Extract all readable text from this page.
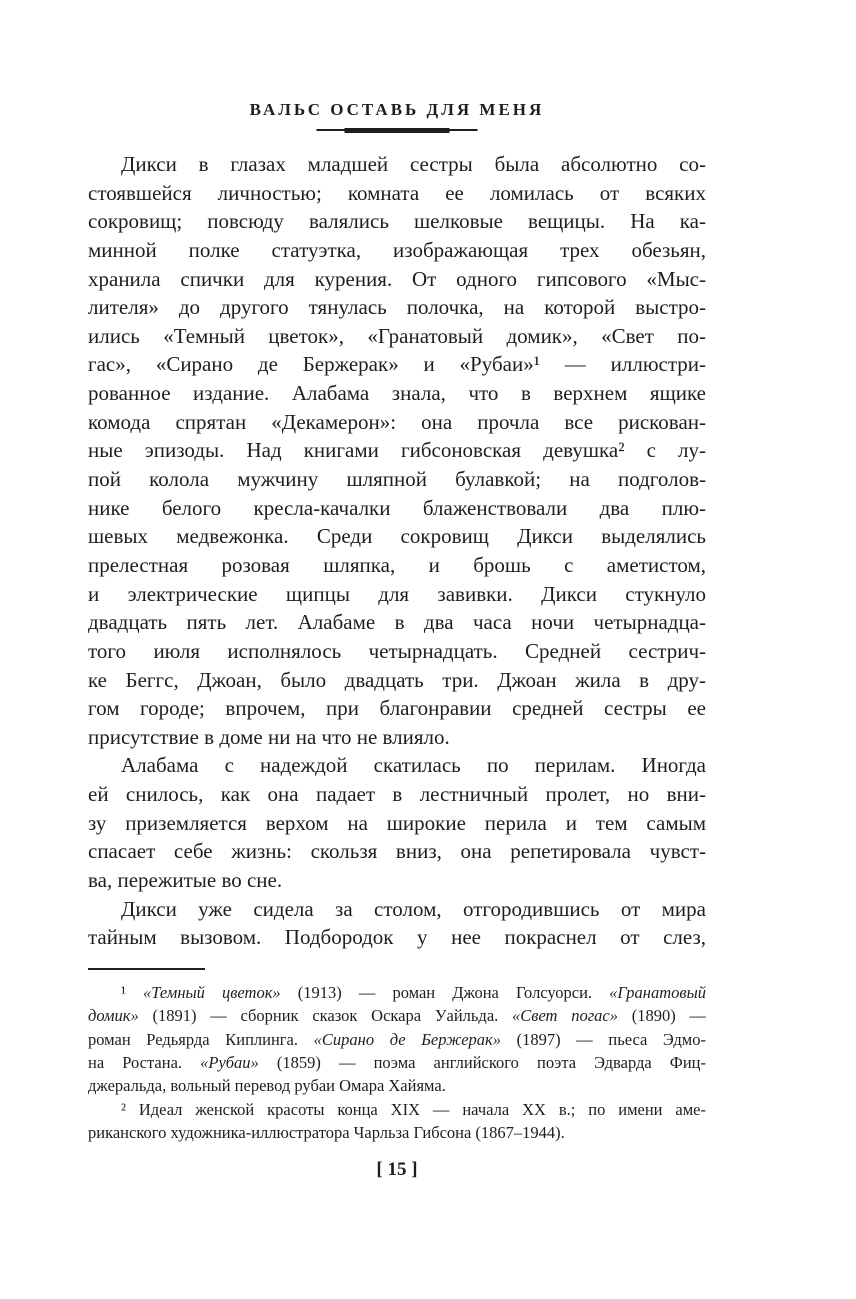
ВАЛЬС ОСТАВЬ ДЛЯ МЕНЯ
Дикси в глазах младшей сестры была абсолютно со-
стоявшейся личностью; комната ее ломилась от всяких
сокровищ; повсюду валялись шелковые вещицы. На ка-
минной полке статуэтка, изображающая трех обезьян,
хранила спички для курения. От одного гипсового «Мыс-
лителя» до другого тянулась полочка, на которой выстро-
ились «Темный цветок», «Гранатовый домик», «Свет по-
гас», «Сирано де Бержерак» и «Рубаи»¹ — иллюстри-
рованное издание. Алабама знала, что в верхнем ящике
комода спрятан «Декамерон»: она прочла все рискован-
ные эпизоды. Над книгами гибсоновская девушка² с лу-
пой колола мужчину шляпной булавкой; на подголов-
нике белого кресла-качалки блаженствовали два плю-
шевых медвежонка. Среди сокровищ Дикси выделялись
прелестная розовая шляпка, и брошь с аметистом,
и электрические щипцы для завивки. Дикси стукнуло
двадцать пять лет. Алабаме в два часа ночи четырнадца-
того июля исполнялось четырнадцать. Средней сестрич-
ке Беггс, Джоан, было двадцать три. Джоан жила в дру-
гом городе; впрочем, при благонравии средней сестры ее
присутствие в доме ни на что не влияло.
Алабама с надеждой скатилась по перилам. Иногда
ей снилось, как она падает в лестничный пролет, но вни-
зу приземляется верхом на широкие перила и тем самым
спасает себе жизнь: скользя вниз, она репетировала чувст-
ва, пережитые во сне.
Дикси уже сидела за столом, отгородившись от мира
тайным вызовом. Подбородок у нее покраснел от слез,
¹ «Темный цветок» (1913) — роман Джона Голсуорси. «Гранатовый
домик» (1891) — сборник сказок Оскара Уайльда. «Свет погас» (1890) —
роман Редьярда Киплинга. «Сирано де Бержерак» (1897) — пьеса Эдмо-
на Ростана. «Рубаи» (1859) — поэма английского поэта Эдварда Фиц-
джеральда, вольный перевод рубаи Омара Хайяма.
² Идеал женской красоты конца XIX — начала XX в.; по имени аме-
риканского художника-иллюстратора Чарльза Гибсона (1867–1944).
[ 15 ]
